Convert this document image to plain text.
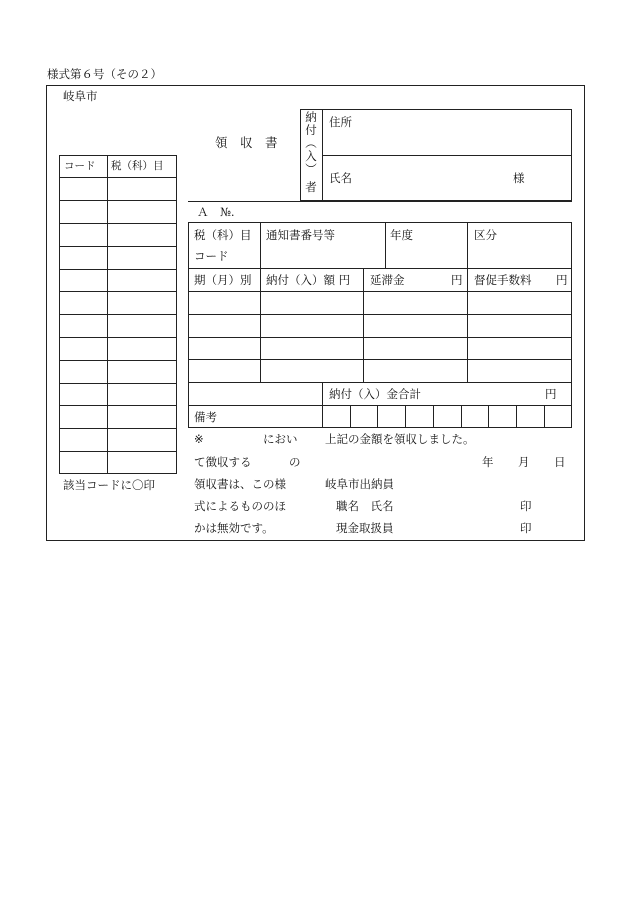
様式第６号（その２）
岐阜市
領　収　書
納
付
︵
入
︶
者
住所
氏名	様
コード 税（科）目
該当コードに〇印
Ａ　№.
税（科）目
コード
通知書番号等	年度	区分
期（月）別 納付（入）額 円 延滞金	円 督促手数料 円
納付（入）金合計	円
備考
※	におい 上記の金額を領収しました。
て徴収する	の	年 月 日
領収書は、この様	岐阜市出納員
式によるもののほ	職名　氏名	印
かは無効です。	現金取扱員	印
